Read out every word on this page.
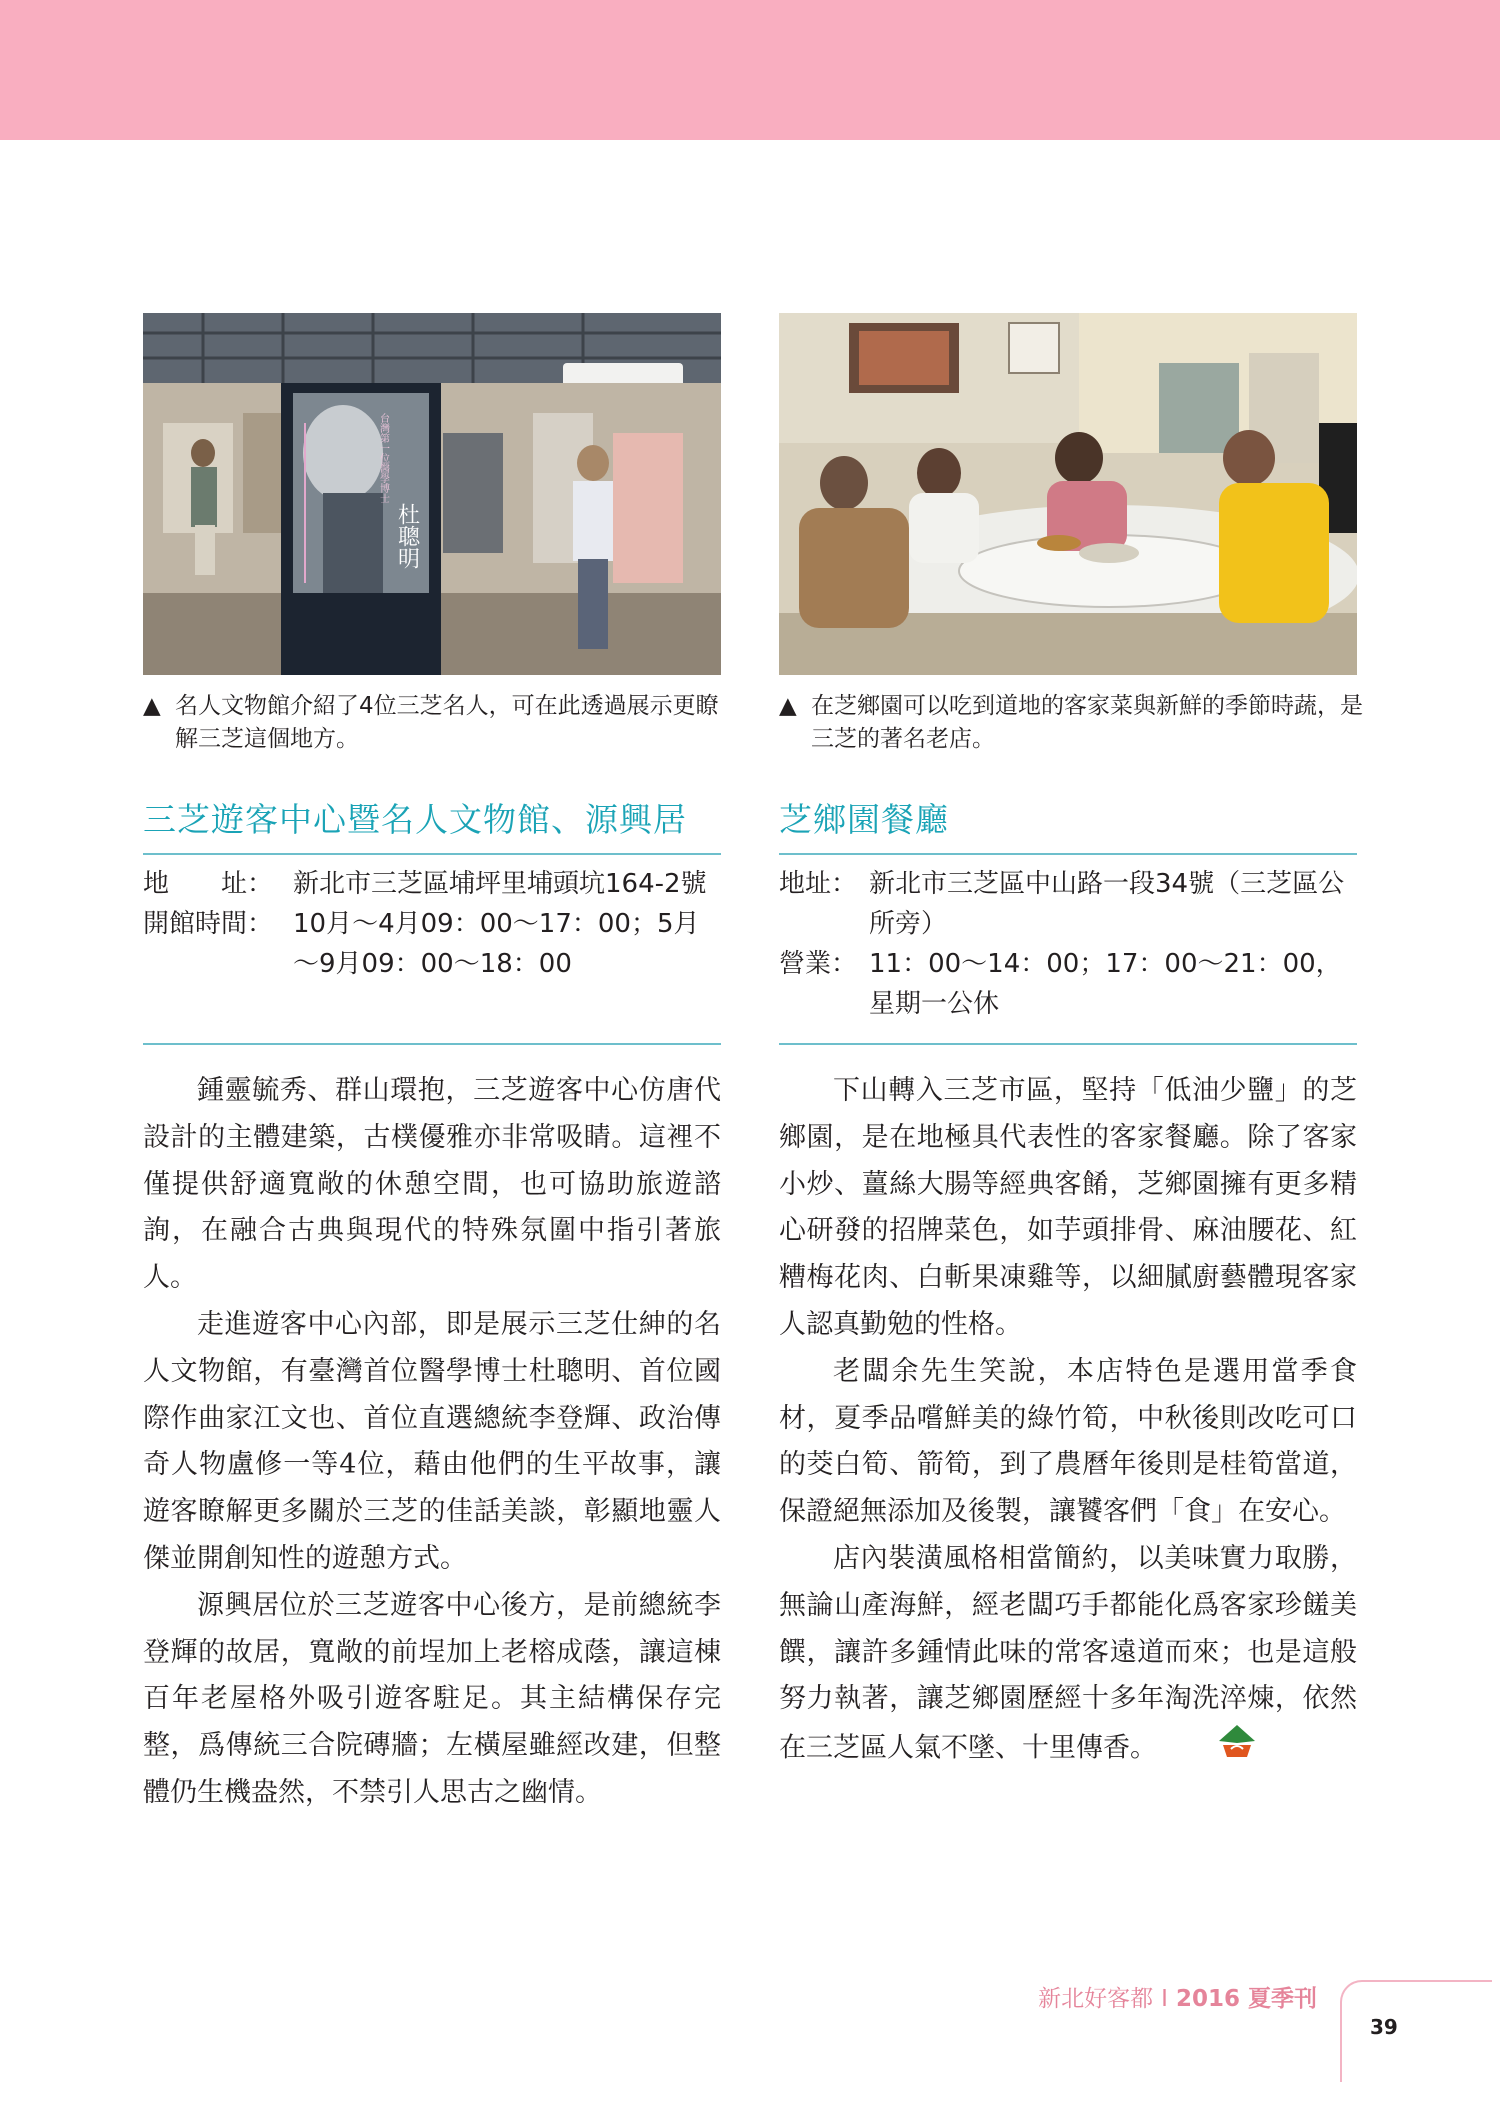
杜聰明
台灣第一位醫學博士
▲ 名人文物館介紹了4位三芝名人，可在此透過展示更瞭解三芝這個地方。
▲ 在芝鄉園可以吃到道地的客家菜與新鮮的季節時蔬，是三芝的著名老店。
三芝遊客中心暨名人文物館、源興居	芝鄉園餐廳
地　　址： 新北市三芝區埔坪里埔頭坑164-2號
開館時間： 10月～4月09：00～17：00；5月～9月09：00～18：00
地址： 新北市三芝區中山路一段34號（三芝區公所旁）
營業： 11：00～14：00；17：00～21：00，星期一公休

鍾靈毓秀、群山環抱，三芝遊客中心仿唐代設計的主體建築，古樸優雅亦非常吸睛。這裡不僅提供舒適寬敞的休憩空間，也可協助旅遊諮詢，在融合古典與現代的特殊氛圍中指引著旅人。

走進遊客中心內部，即是展示三芝仕紳的名人文物館，有臺灣首位醫學博士杜聰明、首位國際作曲家江文也、首位直選總統李登輝、政治傳奇人物盧修一等4位，藉由他們的生平故事，讓遊客瞭解更多關於三芝的佳話美談，彰顯地靈人傑並開創知性的遊憩方式。

源興居位於三芝遊客中心後方，是前總統李登輝的故居，寬敞的前埕加上老榕成蔭，讓這棟百年老屋格外吸引遊客駐足。其主結構保存完整，爲傳統三合院磚牆；左橫屋雖經改建，但整體仍生機盎然，不禁引人思古之幽情。

下山轉入三芝市區，堅持「低油少鹽」的芝鄉園，是在地極具代表性的客家餐廳。除了客家小炒、薑絲大腸等經典客餚，芝鄉園擁有更多精心研發的招牌菜色，如芋頭排骨、麻油腰花、紅糟梅花肉、白斬果凍雞等，以細膩廚藝體現客家人認真勤勉的性格。

老闆余先生笑說，本店特色是選用當季食材，夏季品嚐鮮美的綠竹筍，中秋後則改吃可口的茭白筍、箭筍，到了農曆年後則是桂筍當道，保證絕無添加及後製，讓饕客們「食」在安心。

店內裝潢風格相當簡約，以美味實力取勝，無論山產海鮮，經老闆巧手都能化爲客家珍饈美饌，讓許多鍾情此味的常客遠道而來；也是這般努力執著，讓芝鄉園歷經十多年淘洗淬煉，依然在三芝區人氣不墜、十里傳香。

新北好客都 I 2016 夏季刊
39
